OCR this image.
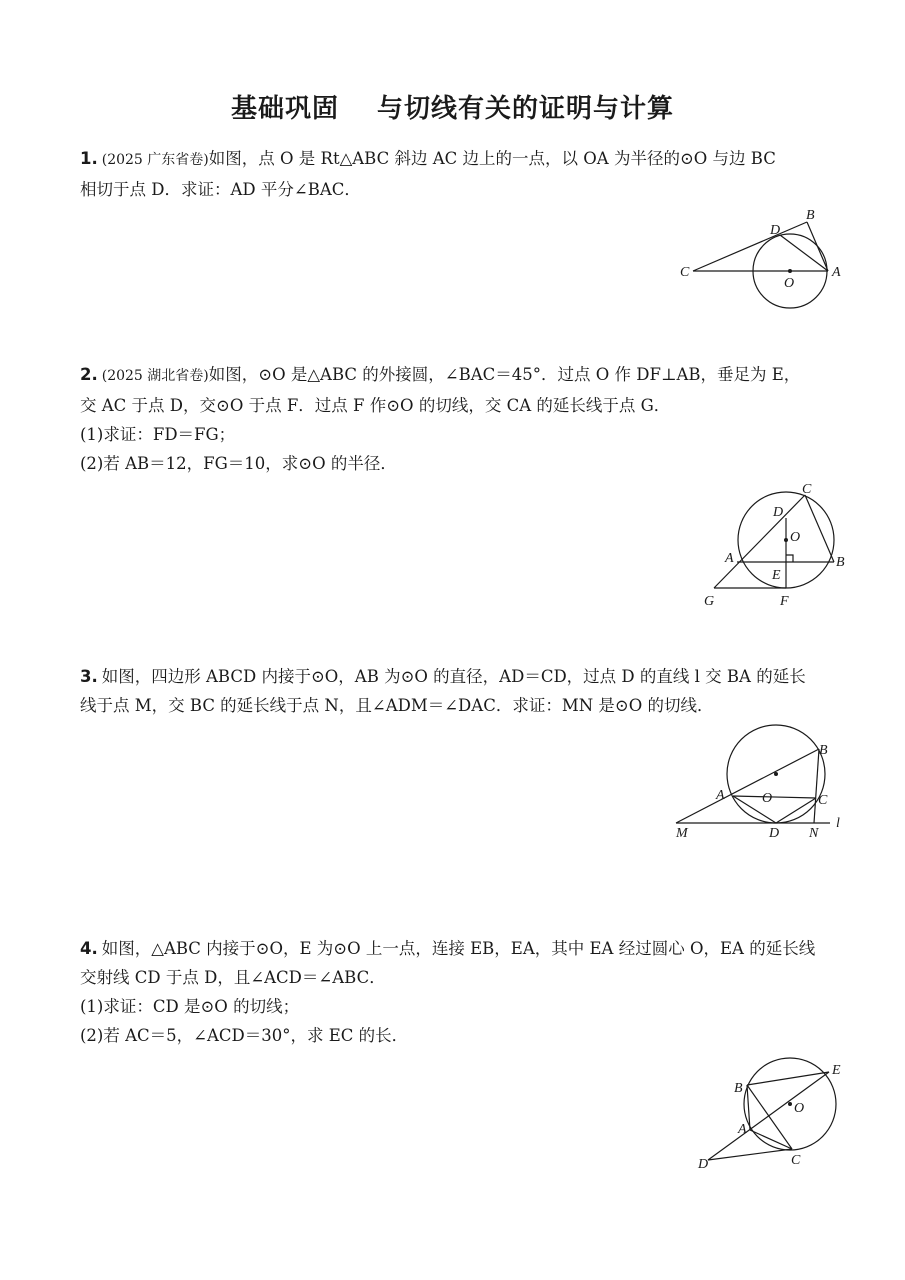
基础巩固 与切线有关的证明与计算
1. (2025 广东省卷)如图，点 O 是 Rt△ABC 斜边 AC 边上的一点，以 OA 为半径的⊙O 与边 BC
相切于点 D．求证：AD 平分∠BAC．
B
D
C
O
A
2. (2025 湖北省卷)如图，⊙O 是△ABC 的外接圆，∠BAC＝45°．过点 O 作 DF⊥AB，垂足为 E，
交 AC 于点 D，交⊙O 于点 F．过点 F 作⊙O 的切线，交 CA 的延长线于点 G．
(1)求证：FD＝FG；
(2)若 AB＝12，FG＝10，求⊙O 的半径．
C
D
O
A	B
E
G	F
3. 如图，四边形 ABCD 内接于⊙O，AB 为⊙O 的直径，AD＝CD，过点 D 的直线 l 交 BA 的延长
线于点 M，交 BC 的延长线于点 N，且∠ADM＝∠DAC．求证：MN 是⊙O 的切线．
B
O
A	C
M	D N
l
4. 如图，△ABC 内接于⊙O，E 为⊙O 上一点，连接 EB，EA，其中 EA 经过圆心 O，EA 的延长线
交射线 CD 于点 D，且∠ACD＝∠ABC．
(1)求证：CD 是⊙O 的切线；
(2)若 AC＝5，∠ACD＝30°，求 EC 的长．
E
B
O
A
D	C
